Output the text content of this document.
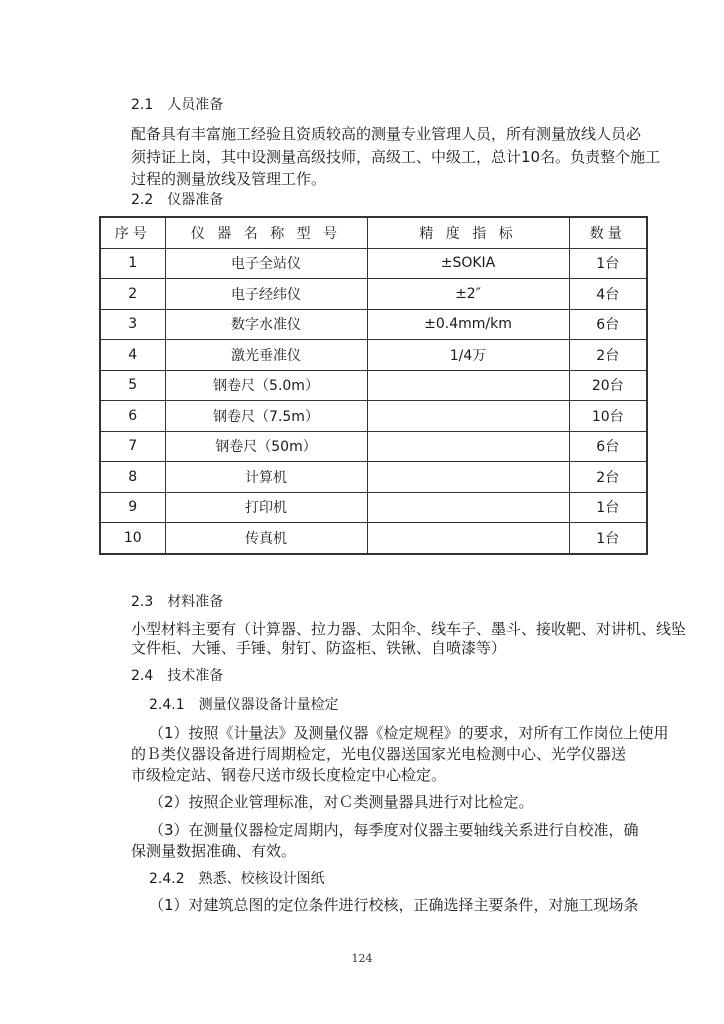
2.1　人员准备
配备具有丰富施工经验且资质较高的测量专业管理人员，所有测量放线人员必
须持证上岗，其中设测量高级技师，高级工、中级工，总计10名。负责整个施工
过程的测量放线及管理工作。
2.2　仪器准备
序号	仪 器 名 称 型 号	精 度 指 标	数量
1	电子全站仪	±SOKIA	1台
2	电子经纬仪	±2″	4台
3	数字水准仪	±0.4mm/km	6台
4	激光垂准仪	1/4万	2台
5	钢卷尺（5.0m）		20台
6	钢卷尺（7.5m）		10台
7	钢卷尺（50m）		6台
8	计算机		2台
9	打印机		1台
10	传真机		1台
2.3　材料准备
小型材料主要有（计算器、拉力器、太阳伞、线车子、墨斗、接收靶、对讲机、线坠
文件柜、大锤、手锤、射钉、防盗柜、铁锹、自喷漆等）
2.4　技术准备
2.4.1　测量仪器设备计量检定
（1）按照《计量法》及测量仪器《检定规程》的要求，对所有工作岗位上使用
的Ｂ类仪器设备进行周期检定，光电仪器送国家光电检测中心、光学仪器送
市级检定站、钢卷尺送市级长度检定中心检定。
（2）按照企业管理标准，对Ｃ类测量器具进行对比检定。
（3）在测量仪器检定周期内，每季度对仪器主要轴线关系进行自校准，确
保测量数据准确、有效。
2.4.2　熟悉、校核设计图纸
（1）对建筑总图的定位条件进行校核，正确选择主要条件，对施工现场条
124
